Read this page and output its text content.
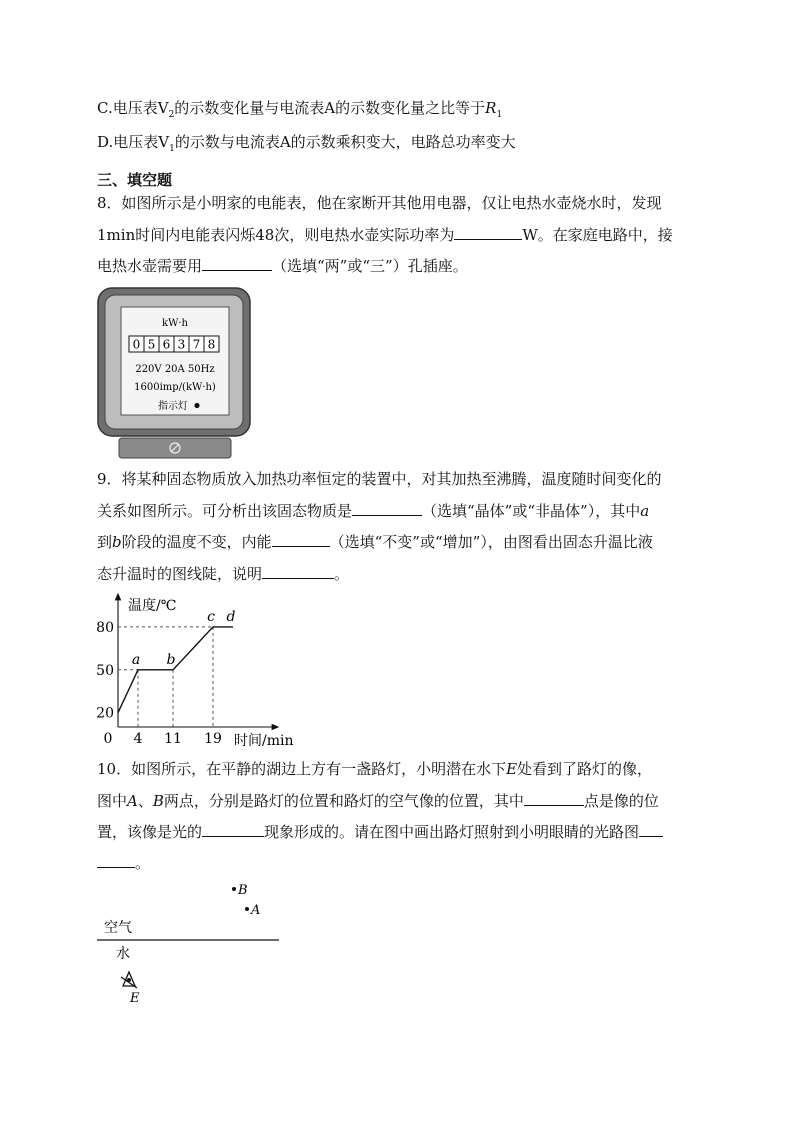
C.电压表$V_2$的示数变化量与电流表A的示数变化量之比等于$R_1$
D.电压表$V_1$的示数与电流表A的示数乘积变大，电路总功率变大
三、填空题
8．如图所示是小明家的电能表，他在家断开其他用电器，仅让电热水壶烧水时，发现
1min时间内电能表闪烁48次，则电热水壶实际功率为	W。在家庭电路中，接
电热水壶需要用	（选填“两”或“三”）孔插座。
kW·h
0 5 6 3 7 8
220V 20A 50Hz
1600imp/(kW·h)
指示灯
9．将某种固态物质放入加热功率恒定的装置中，对其加热至沸腾，温度随时间变化的
关系如图所示。可分析出该固态物质是	（选填“晶体”或“非晶体”），其中a
到b阶段的温度不变，内能	（选填“不变”或“增加”），由图看出固态升温比液
态升温时的图线陡，说明	。
温度/℃
时间/min
20
50
80
0 4 11 19
a b
c d
10．如图所示，在平静的湖边上方有一盏路灯，小明潜在水下E处看到了路灯的像，
图中A、B两点，分别是路灯的位置和路灯的空气像的位置，其中	点是像的位
置，该像是光的	现象形成的。请在图中画出路灯照射到小明眼睛的光路图
。
B
A
空气
水
E
